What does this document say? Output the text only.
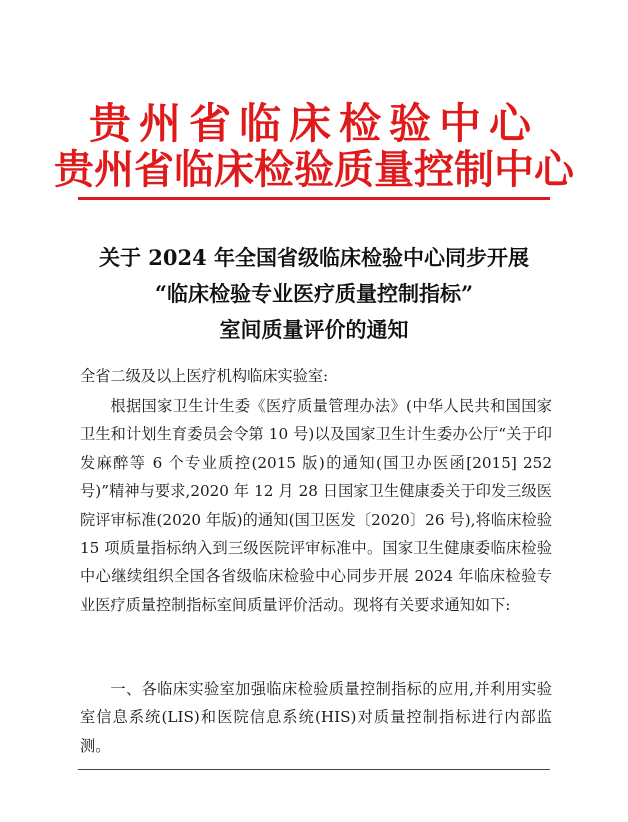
贵州省临床检验中心
贵州省临床检验质量控制中心
关于 2024 年全国省级临床检验中心同步开展
“临床检验专业医疗质量控制指标”
室间质量评价的通知

全省二级及以上医疗机构临床实验室:

根据国家卫生计生委《医疗质量管理办法》(中华人民共和国国家卫生和计划生育委员会令第 10 号)以及国家卫生计生委办公厅“关于印发麻醉等 6 个专业质控(2015 版)的通知(国卫办医函[2015] 252 号)”精神与要求,2020 年 12 月 28 日国家卫生健康委关于印发三级医院评审标准(2020 年版)的通知(国卫医发〔2020〕26 号),将临床检验 15 项质量指标纳入到三级医院评审标准中。国家卫生健康委临床检验中心继续组织全国各省级临床检验中心同步开展 2024 年临床检验专业医疗质量控制指标室间质量评价活动。现将有关要求通知如下:

一、各临床实验室加强临床检验质量控制指标的应用,并利用实验室信息系统(LIS)和医院信息系统(HIS)对质量控制指标进行内部监测。
